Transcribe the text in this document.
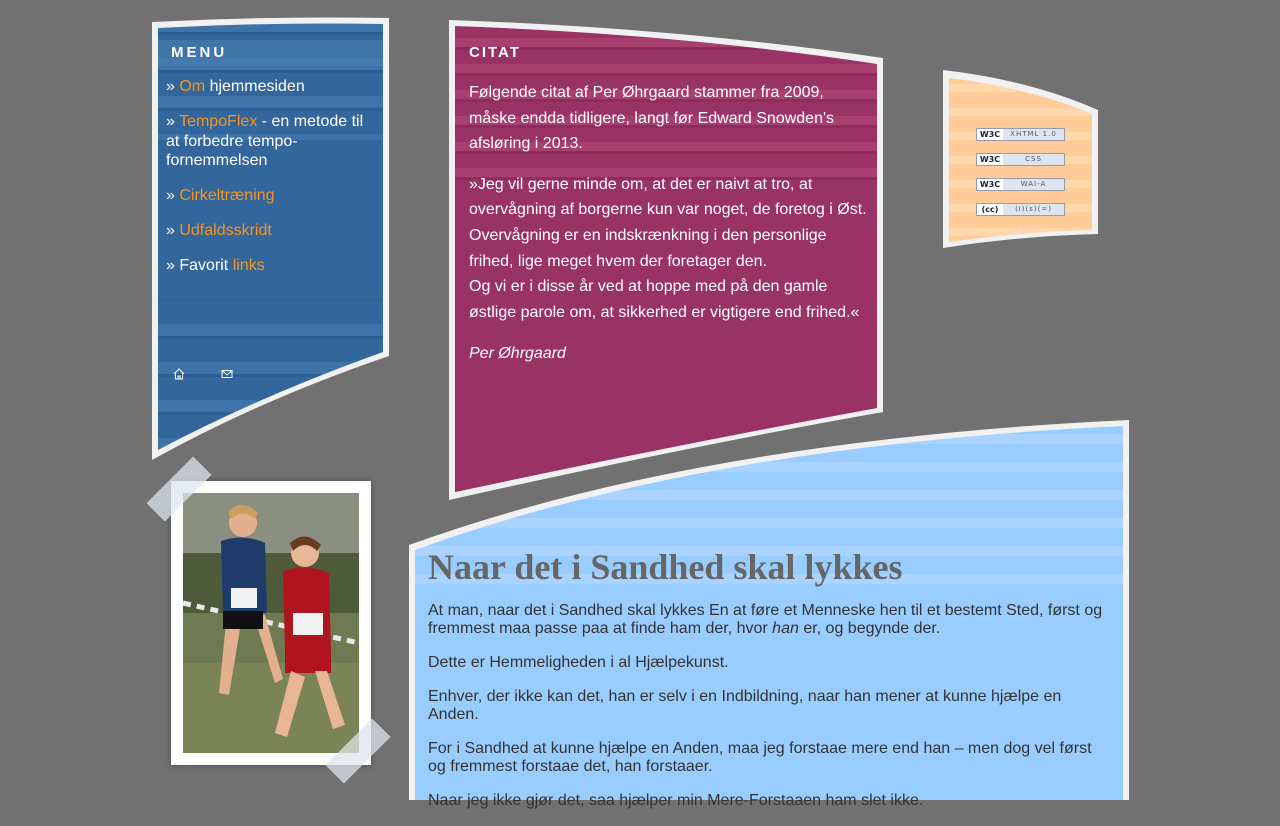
MENU
» Om hjemmesiden
» TempoFlex - en metode til at forbedre tempo-fornemmelsen
» Cirkeltræning
» Udfaldsskridt
» Favorit links

CITAT

Følgende citat af Per Øhrgaard stammer fra 2009, måske endda tidligere, langt før Edward Snowden's afsløring i 2013.

»Jeg vil gerne minde om, at det er naivt at tro, at overvågning af borgerne kun var noget, de foretog i Øst.

Overvågning er en indskrænkning i den personlige frihed, lige meget hvem der foretager den.

Og vi er i disse år ved at hoppe med på den gamle østlige parole om, at sikkerhed er vigtigere end frihed.«

Per Øhrgaard

W3C	XHTML 1.0
W3C	CSS
W3C	WAI-A
(cc)	(i)(s)(=)
Naar det i Sandhed skal lykkes

At man, naar det i Sandhed skal lykkes En at føre et Menneske hen til et bestemt Sted, først og fremmest maa passe paa at finde ham der, hvor han er, og begynde der.

Dette er Hemmeligheden i al Hjælpekunst.

Enhver, der ikke kan det, han er selv i en Indbildning, naar han mener at kunne hjælpe en Anden.

For i Sandhed at kunne hjælpe en Anden, maa jeg forstaae mere end han – men dog vel først og fremmest forstaae det, han forstaaer.

Naar jeg ikke gjør det, saa hjælper min Mere-Forstaaen ham slet ikke.
